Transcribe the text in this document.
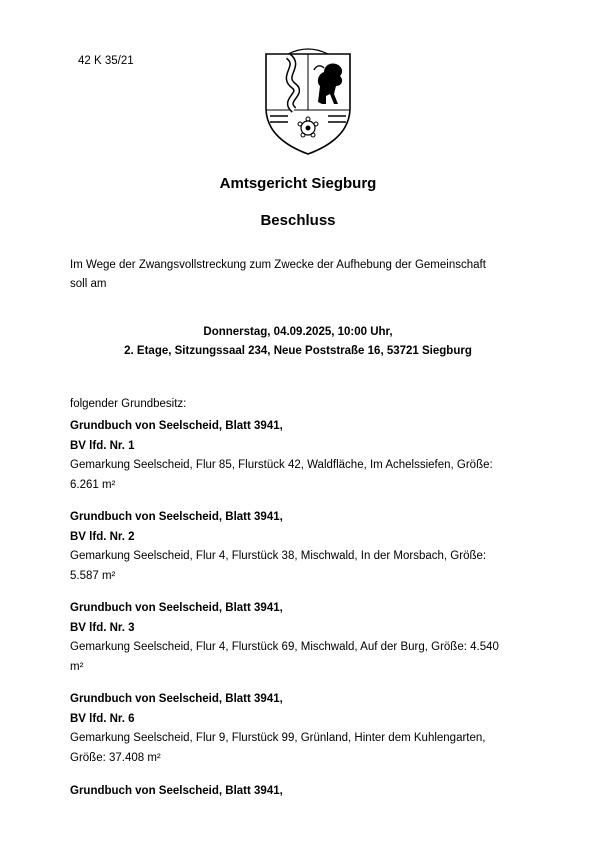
42 K 35/21
Amtsgericht Siegburg
Beschluss
Im Wege der Zwangsvollstreckung zum Zwecke der Aufhebung der Gemeinschaft
soll am
Donnerstag, 04.09.2025, 10:00 Uhr,
2. Etage, Sitzungssaal 234, Neue Poststraße 16, 53721 Siegburg
folgender Grundbesitz:
Grundbuch von Seelscheid, Blatt 3941,
BV lfd. Nr. 1
Gemarkung Seelscheid, Flur 85, Flurstück 42, Waldfläche, Im Achelssiefen, Größe:
6.261 m²
Grundbuch von Seelscheid, Blatt 3941,
BV lfd. Nr. 2
Gemarkung Seelscheid, Flur 4, Flurstück 38, Mischwald, In der Morsbach, Größe:
5.587 m²
Grundbuch von Seelscheid, Blatt 3941,
BV lfd. Nr. 3
Gemarkung Seelscheid, Flur 4, Flurstück 69, Mischwald, Auf der Burg, Größe: 4.540
m²
Grundbuch von Seelscheid, Blatt 3941,
BV lfd. Nr. 6
Gemarkung Seelscheid, Flur 9, Flurstück 99, Grünland, Hinter dem Kuhlengarten,
Größe: 37.408 m²
Grundbuch von Seelscheid, Blatt 3941,
